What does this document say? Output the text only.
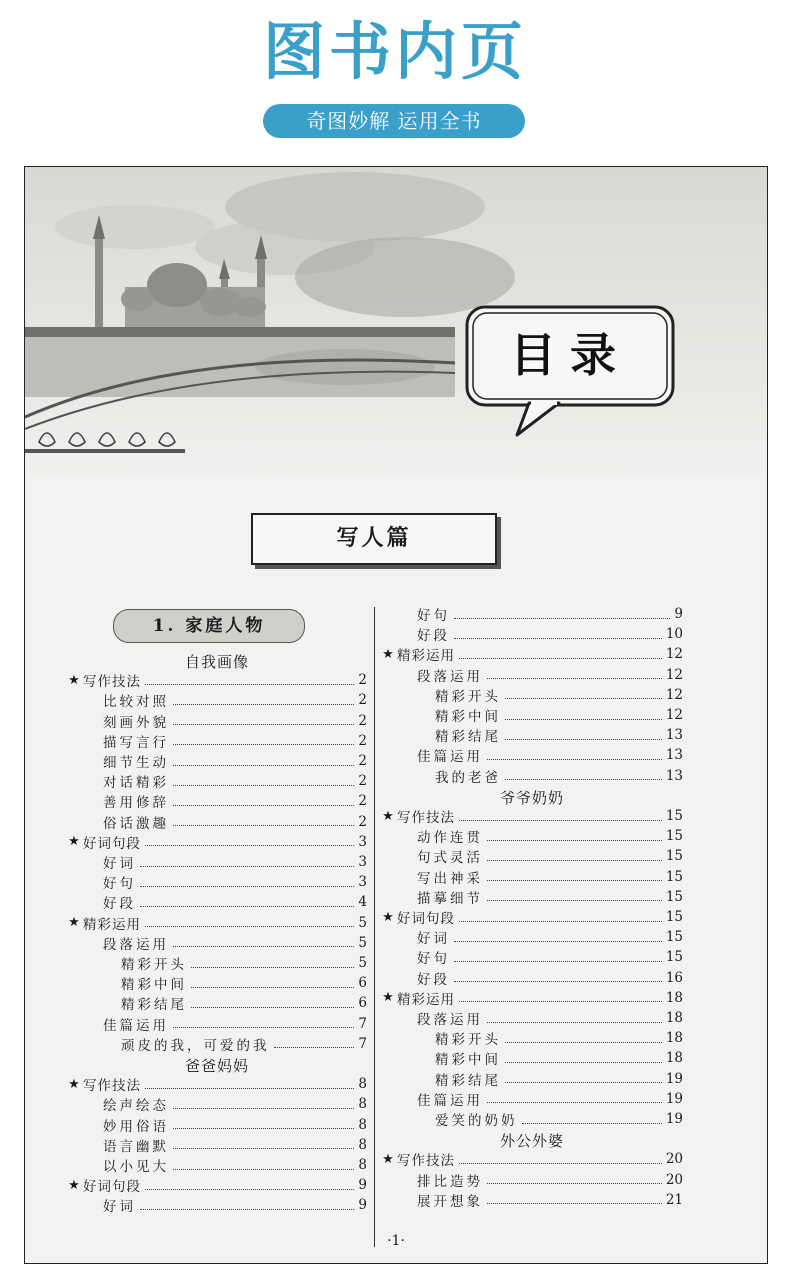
图书内页
奇图妙解 运用全书
目录
写人篇
1. 家庭人物
自我画像
★ 写作技法	2
比较对照	2
刻画外貌	2
描写言行	2
细节生动	2
对话精彩	2
善用修辞	2
俗话激趣	2
★ 好词句段	3
好词	3
好句	3
好段	4
★ 精彩运用	5
段落运用	5
精彩开头	5
精彩中间	6
精彩结尾	6
佳篇运用	7
顽皮的我，可爱的我	7
爸爸妈妈
★ 写作技法	8
绘声绘态	8
妙用俗语	8
语言幽默	8
以小见大	8
★ 好词句段	9
好词	9
好句	9
好段	10
★ 精彩运用	12
段落运用	12
精彩开头	12
精彩中间	12
精彩结尾	13
佳篇运用	13
我的老爸	13
爷爷奶奶
★ 写作技法	15
动作连贯	15
句式灵活	15
写出神采	15
描摹细节	15
★ 好词句段	15
好词	15
好句	15
好段	16
★ 精彩运用	18
段落运用	18
精彩开头	18
精彩中间	18
精彩结尾	19
佳篇运用	19
爱笑的奶奶	19
外公外婆
★ 写作技法	20
排比造势	20
展开想象	21
·1·
